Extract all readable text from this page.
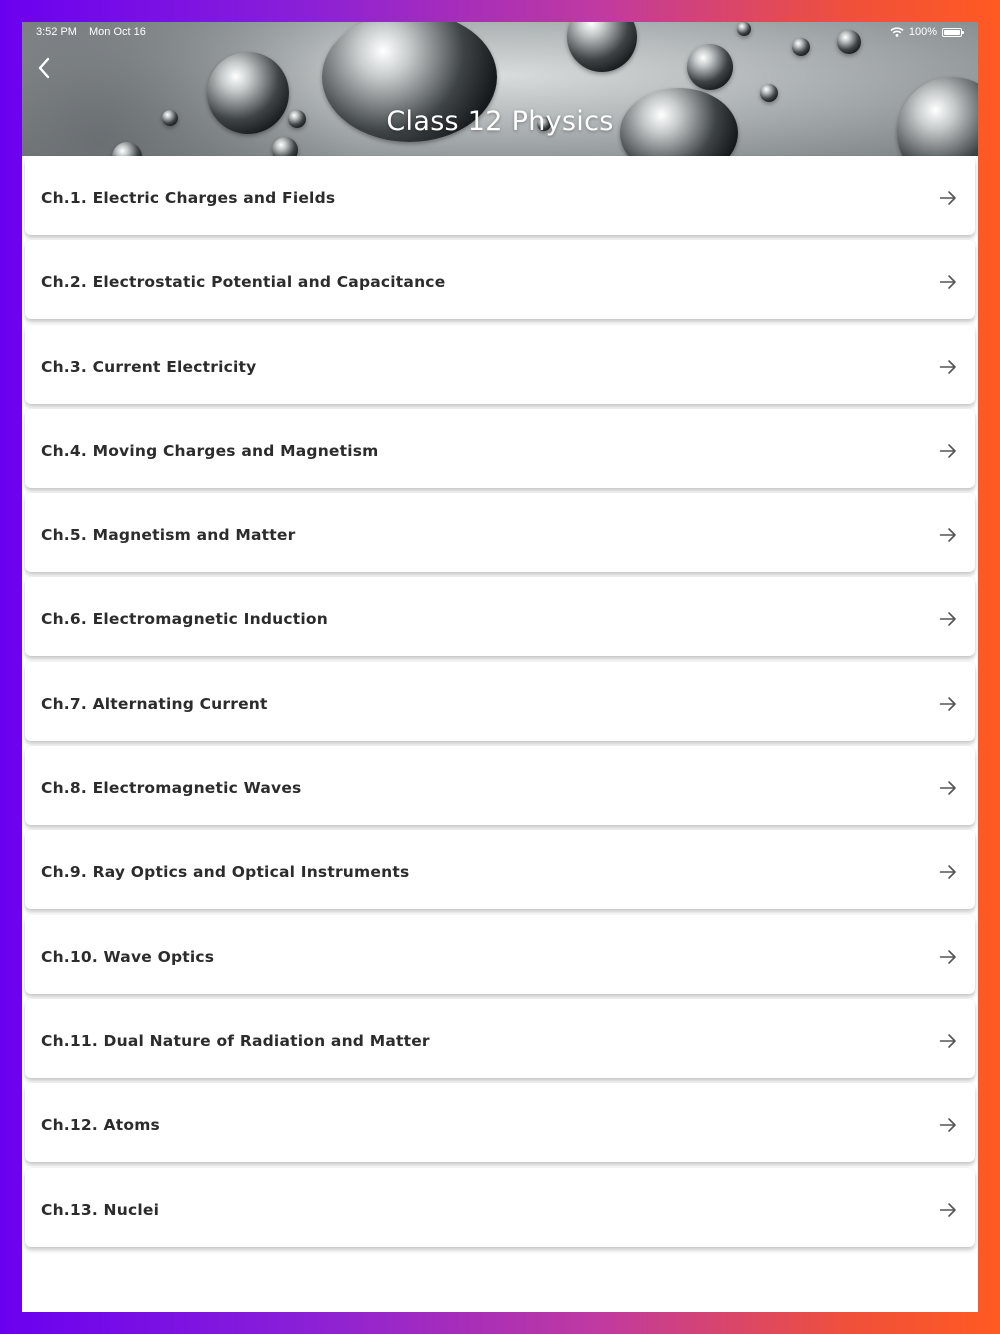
3:52 PM Mon Oct 16	100%
Class 12 Physics
Ch.1. Electric Charges and Fields
Ch.2. Electrostatic Potential and Capacitance
Ch.3. Current Electricity
Ch.4. Moving Charges and Magnetism
Ch.5. Magnetism and Matter
Ch.6. Electromagnetic Induction
Ch.7. Alternating Current
Ch.8. Electromagnetic Waves
Ch.9. Ray Optics and Optical Instruments
Ch.10. Wave Optics
Ch.11. Dual Nature of Radiation and Matter
Ch.12. Atoms
Ch.13. Nuclei
